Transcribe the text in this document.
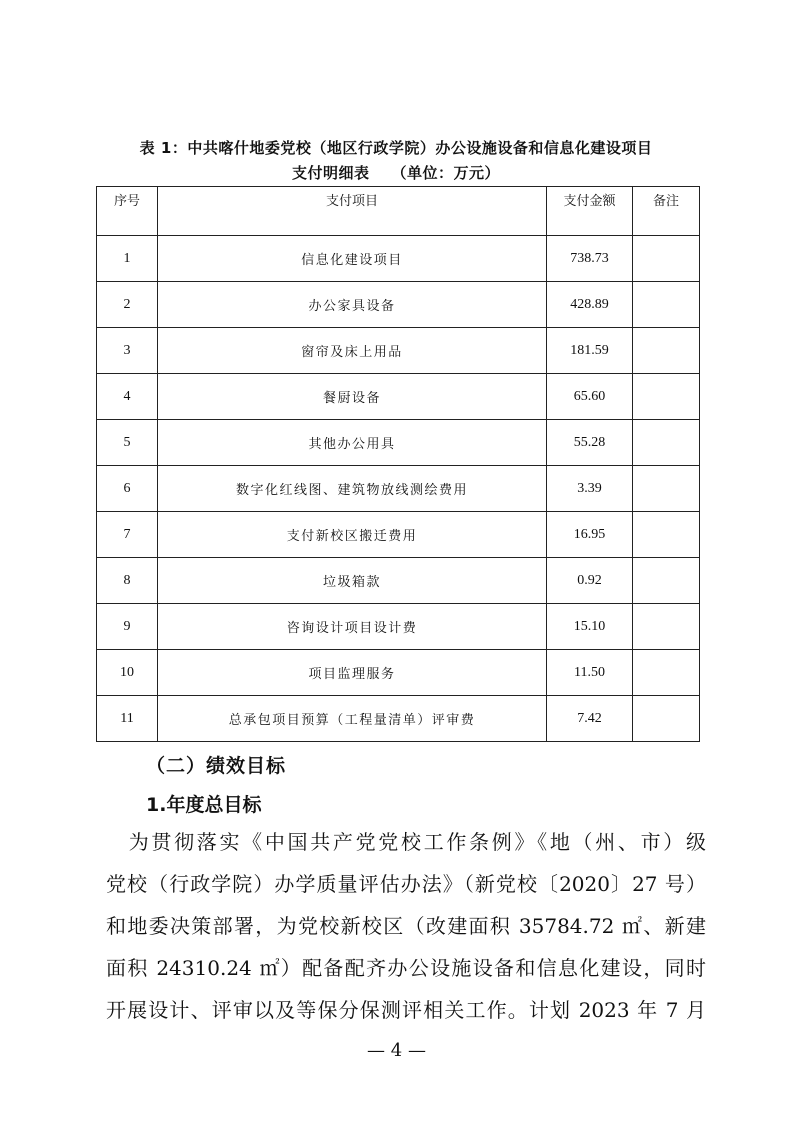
表 1：中共喀什地委党校（地区行政学院）办公设施设备和信息化建设项目
支付明细表 （单位：万元）
序号	支付项目	支付金额	备注
1	信息化建设项目	738.73	
2	办公家具设备	428.89	
3	窗帘及床上用品	181.59	
4	餐厨设备	65.60	
5	其他办公用具	55.28	
6	数字化红线图、建筑物放线测绘费用	3.39	
7	支付新校区搬迁费用	16.95	
8	垃圾箱款	0.92	
9	咨询设计项目设计费	15.10	
10	项目监理服务	11.50	
11	总承包项目预算（工程量清单）评审费	7.42	
（二）绩效目标
1.年度总目标
　为贯彻落实《中国共产党党校工作条例》《地（州、市）级
党校（行政学院）办学质量评估办法》（新党校〔2020〕27 号）
和地委决策部署，为党校新校区（改建面积 35784.72 ㎡、新建
面积 24310.24 ㎡）配备配齐办公设施设备和信息化建设，同时
开展设计、评审以及等保分保测评相关工作。计划 2023 年 7 月
— 4 —
